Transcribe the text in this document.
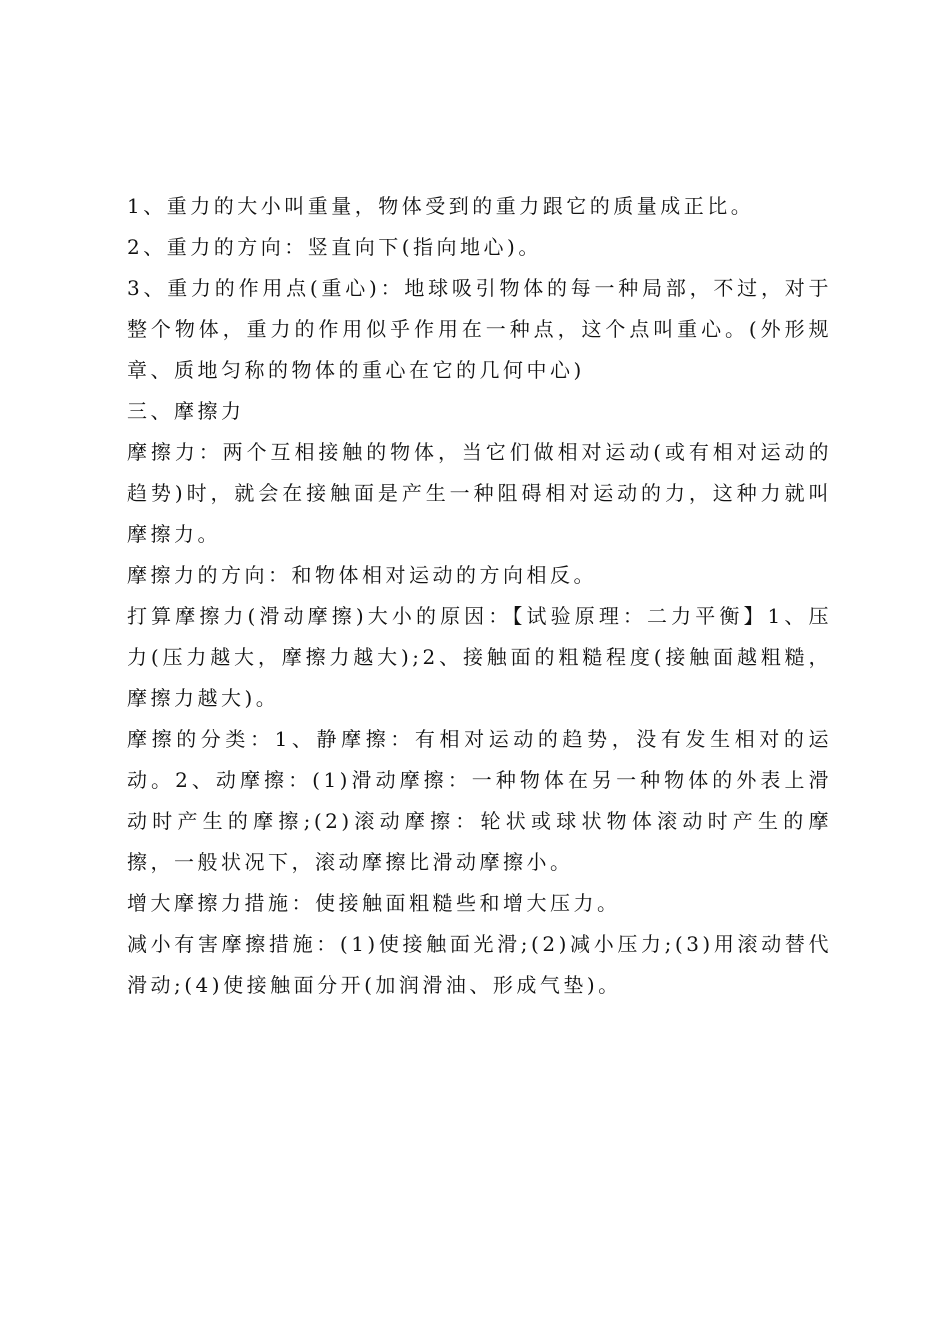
1、重力的大小叫重量，物体受到的重力跟它的质量成正比。

2、重力的方向：竖直向下(指向地心)。

3、重力的作用点(重心)：地球吸引物体的每一种局部，不过，对于整个物体，重力的作用似乎作用在一种点，这个点叫重心。(外形规章、质地匀称的物体的重心在它的几何中心)

三、摩擦力

摩擦力：两个互相接触的物体，当它们做相对运动(或有相对运动的趋势)时，就会在接触面是产生一种阻碍相对运动的力，这种力就叫摩擦力。

摩擦力的方向：和物体相对运动的方向相反。

打算摩擦力(滑动摩擦)大小的原因：【试验原理：二力平衡】1、压力(压力越大，摩擦力越大);2、接触面的粗糙程度(接触面越粗糙，摩擦力越大)。

摩擦的分类：1、静摩擦：有相对运动的趋势，没有发生相对的运动。2、动摩擦：(1)滑动摩擦：一种物体在另一种物体的外表上滑动时产生的摩擦;(2)滚动摩擦：轮状或球状物体滚动时产生的摩擦，一般状况下，滚动摩擦比滑动摩擦小。

增大摩擦力措施：使接触面粗糙些和增大压力。

减小有害摩擦措施：(1)使接触面光滑;(2)减小压力;(3)用滚动替代滑动;(4)使接触面分开(加润滑油、形成气垫)。
